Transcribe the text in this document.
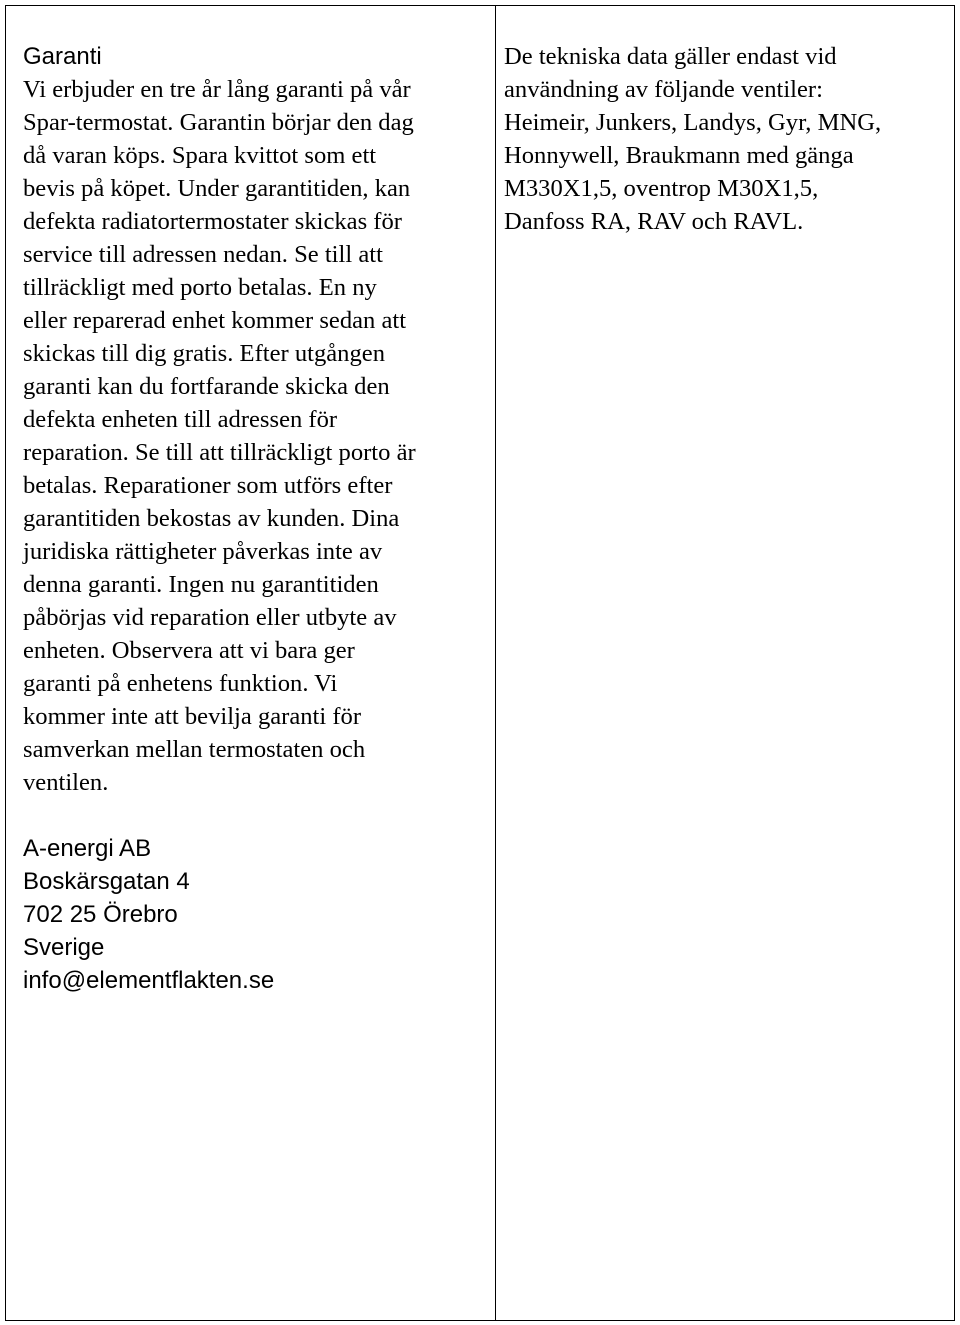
Garanti

Vi erbjuder en tre år lång garanti på vår
Spar-termostat. Garantin börjar den dag
då varan köps. Spara kvittot som ett
bevis på köpet. Under garantitiden, kan
defekta radiatortermostater skickas för
service till adressen nedan. Se till att
tillräckligt med porto betalas. En ny
eller reparerad enhet kommer sedan att
skickas till dig gratis. Efter utgången
garanti kan du fortfarande skicka den
defekta enheten till adressen för
reparation. Se till att tillräckligt porto är
betalas. Reparationer som utförs efter
garantitiden bekostas av kunden. Dina
juridiska rättigheter påverkas inte av
denna garanti. Ingen nu garantitiden
påbörjas vid reparation eller utbyte av
enheten. Observera att vi bara ger
garanti på enhetens funktion. Vi
kommer inte att bevilja garanti för
samverkan mellan termostaten och
ventilen.

A-energi AB
Boskärsgatan 4
702 25 Örebro
Sverige
info@elementflakten.se

De tekniska data gäller endast vid
användning av följande ventiler:
Heimeir, Junkers, Landys, Gyr, MNG,
Honnywell, Braukmann med gänga
M330X1,5, oventrop M30X1,5,
Danfoss RA, RAV och RAVL.
